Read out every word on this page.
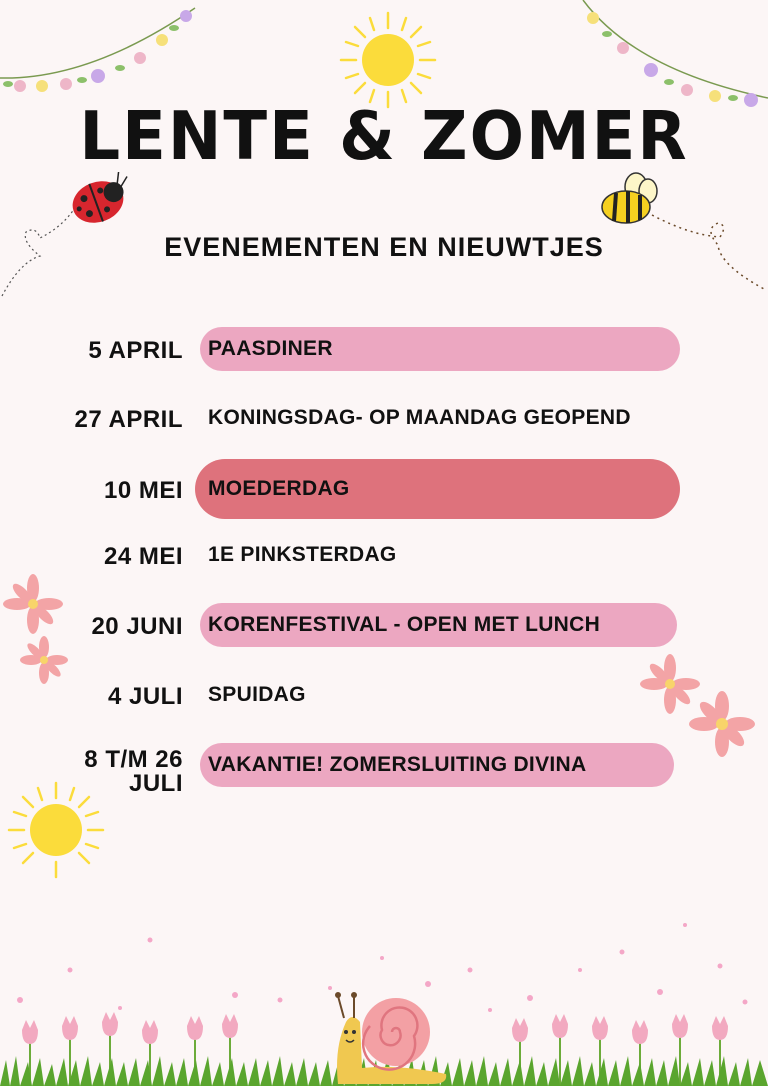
LENTE & ZOMER
EVENEMENTEN EN NIEUWTJES
5 APRIL PAASDINER
27 APRIL KONINGSDAG- OP MAANDAG GEOPEND
10 MEI MOEDERDAG
24 MEI 1E PINKSTERDAG
20 JUNI KORENFESTIVAL - OPEN MET LUNCH
4 JULI SPUIDAG
8 T/M 26 JULI
VAKANTIE! ZOMERSLUITING DIVINA
